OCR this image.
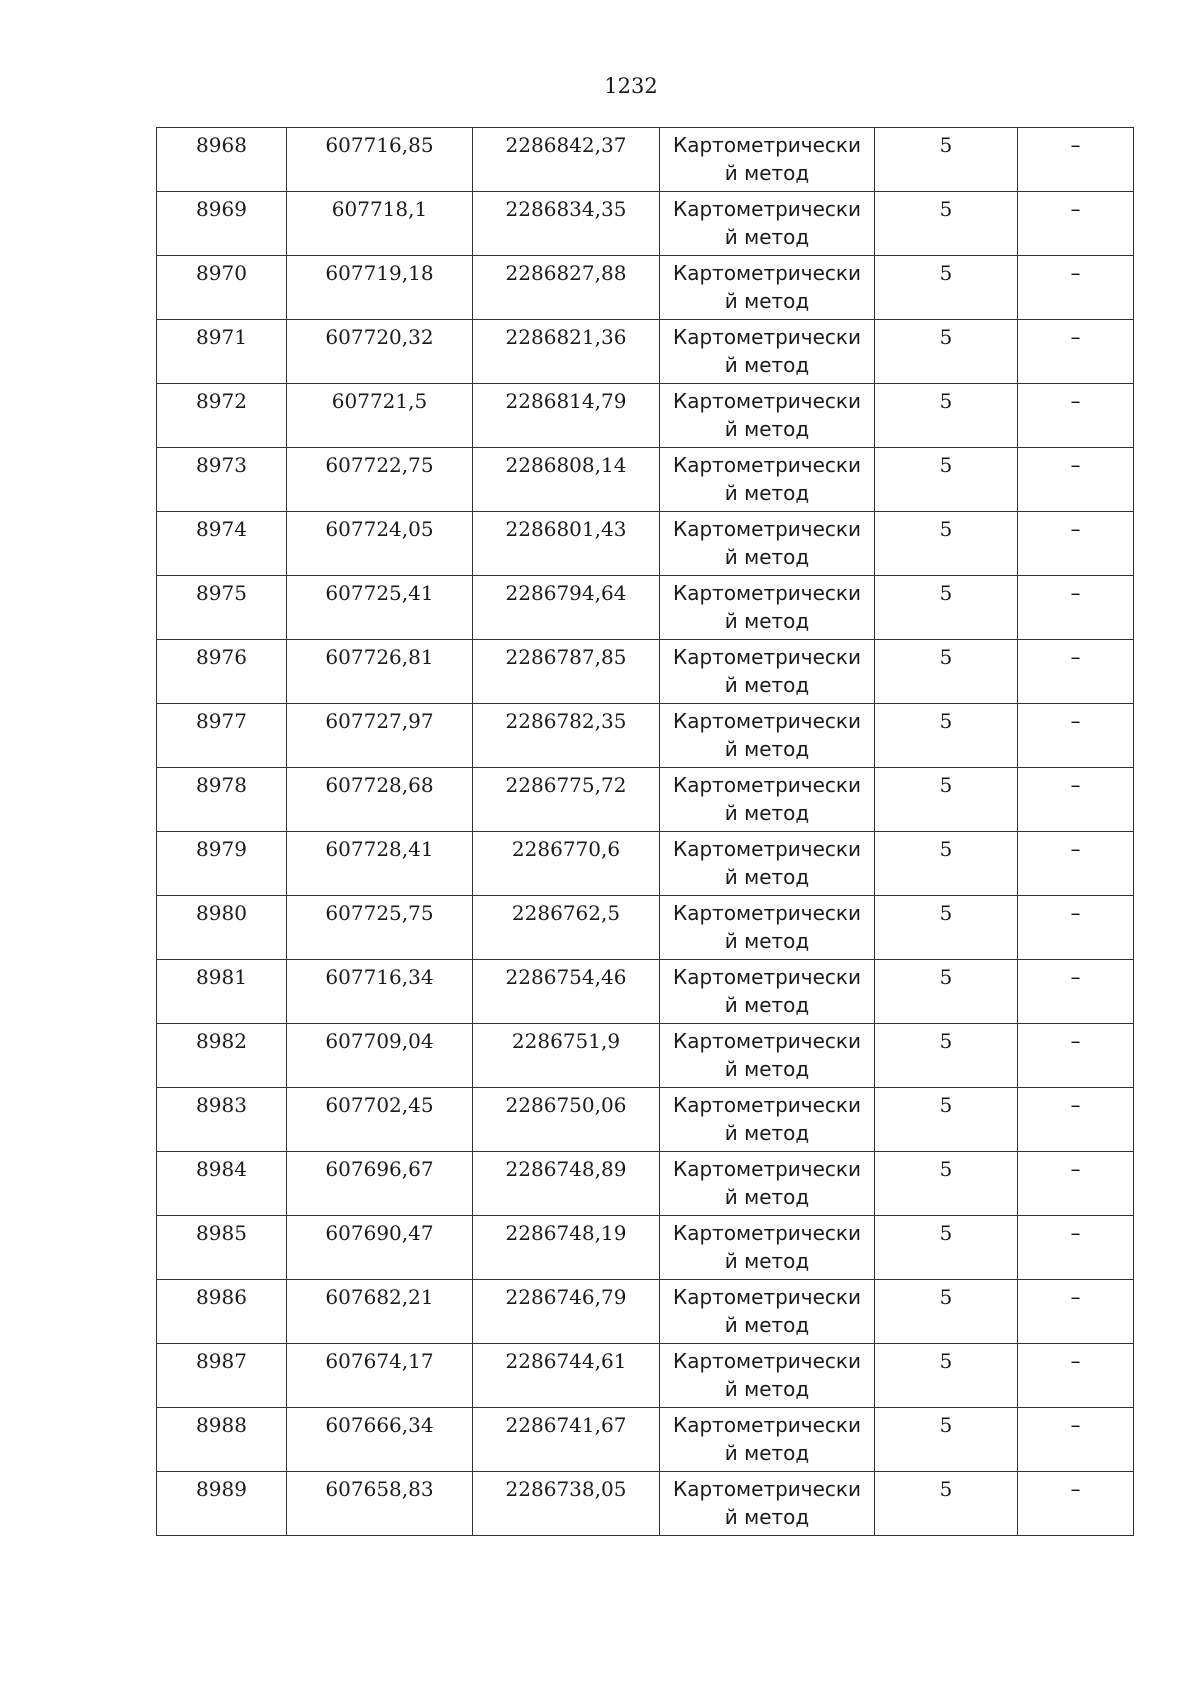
1232
8968	607716,85	2286842,37	Картометрически
й метод	5	–

8969	607718,1	2286834,35	Картометрически
й метод	5	–

8970	607719,18	2286827,88	Картометрически
й метод	5	–

8971	607720,32	2286821,36	Картометрически
й метод	5	–

8972	607721,5	2286814,79	Картометрически
й метод	5	–

8973	607722,75	2286808,14	Картометрически
й метод	5	–

8974	607724,05	2286801,43	Картометрически
й метод	5	–

8975	607725,41	2286794,64	Картометрически
й метод	5	–

8976	607726,81	2286787,85	Картометрически
й метод	5	–

8977	607727,97	2286782,35	Картометрически
й метод	5	–

8978	607728,68	2286775,72	Картометрически
й метод	5	–

8979	607728,41	2286770,6	Картометрически
й метод	5	–

8980	607725,75	2286762,5	Картометрически
й метод	5	–

8981	607716,34	2286754,46	Картометрически
й метод	5	–

8982	607709,04	2286751,9	Картометрически
й метод	5	–

8983	607702,45	2286750,06	Картометрически
й метод	5	–

8984	607696,67	2286748,89	Картометрически
й метод	5	–

8985	607690,47	2286748,19	Картометрически
й метод	5	–

8986	607682,21	2286746,79	Картометрически
й метод	5	–

8987	607674,17	2286744,61	Картометрически
й метод	5	–

8988	607666,34	2286741,67	Картометрически
й метод	5	–

8989	607658,83	2286738,05	Картометрически
й метод	5	–
